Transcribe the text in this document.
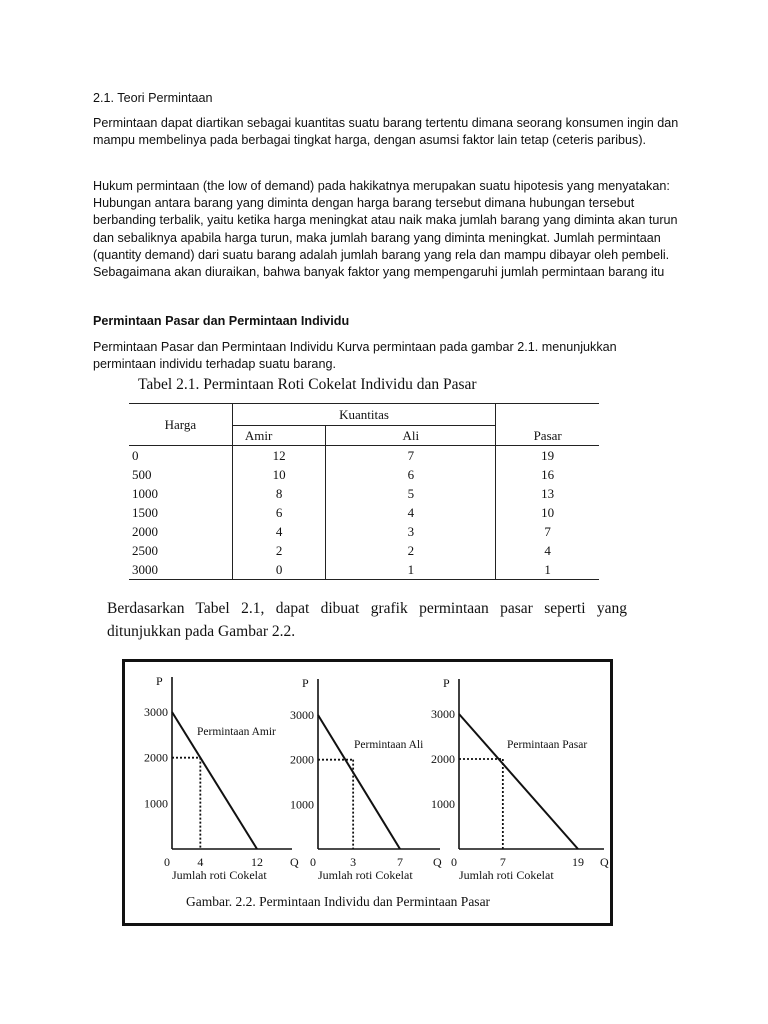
2.1. Teori Permintaan

Permintaan dapat diartikan sebagai kuantitas suatu barang tertentu dimana seorang konsumen ingin dan mampu membelinya pada berbagai tingkat harga, dengan asumsi faktor lain tetap (ceteris paribus).

Hukum permintaan (the low of demand) pada hakikatnya merupakan suatu hipotesis yang menyatakan: Hubungan antara barang yang diminta dengan harga barang tersebut dimana hubungan tersebut berbanding terbalik, yaitu ketika harga meningkat atau naik maka jumlah barang yang diminta akan turun dan sebaliknya apabila harga turun, maka jumlah barang yang diminta meningkat. Jumlah permintaan (quantity demand) dari suatu barang adalah jumlah barang yang rela dan mampu dibayar oleh pembeli. Sebagaimana akan diuraikan, bahwa banyak faktor yang mempengaruhi jumlah permintaan barang itu

Permintaan Pasar dan Permintaan Individu

Permintaan Pasar dan Permintaan Individu Kurva permintaan pada gambar 2.1. menunjukkan permintaan individu terhadap suatu barang.

Tabel 2.1. Permintaan Roti Cokelat Individu dan Pasar
Harga	Kuantitas		
	Amir	Ali	Pasar
0	12	7	19
500	10	6	16
1000	8	5	13
1500	6	4	10
2000	4	3	7
2500	2	2	4
3000	0	1	1
Berdasarkan Tabel 2.1, dapat dibuat grafik permintaan pasar seperti yang
ditunjukkan pada Gambar 2.2.
P
Q
3000
2000
1000
0 4	12
Permintaan Amir
Jumlah roti Cokelat
P
Q
3000
2000
1000
0	3	7
Permintaan Ali
Jumlah roti Cokelat
P
Q
3000
2000
1000
0	7	19
Permintaan Pasar
Jumlah roti Cokelat
Gambar. 2.2. Permintaan Individu dan Permintaan Pasar
